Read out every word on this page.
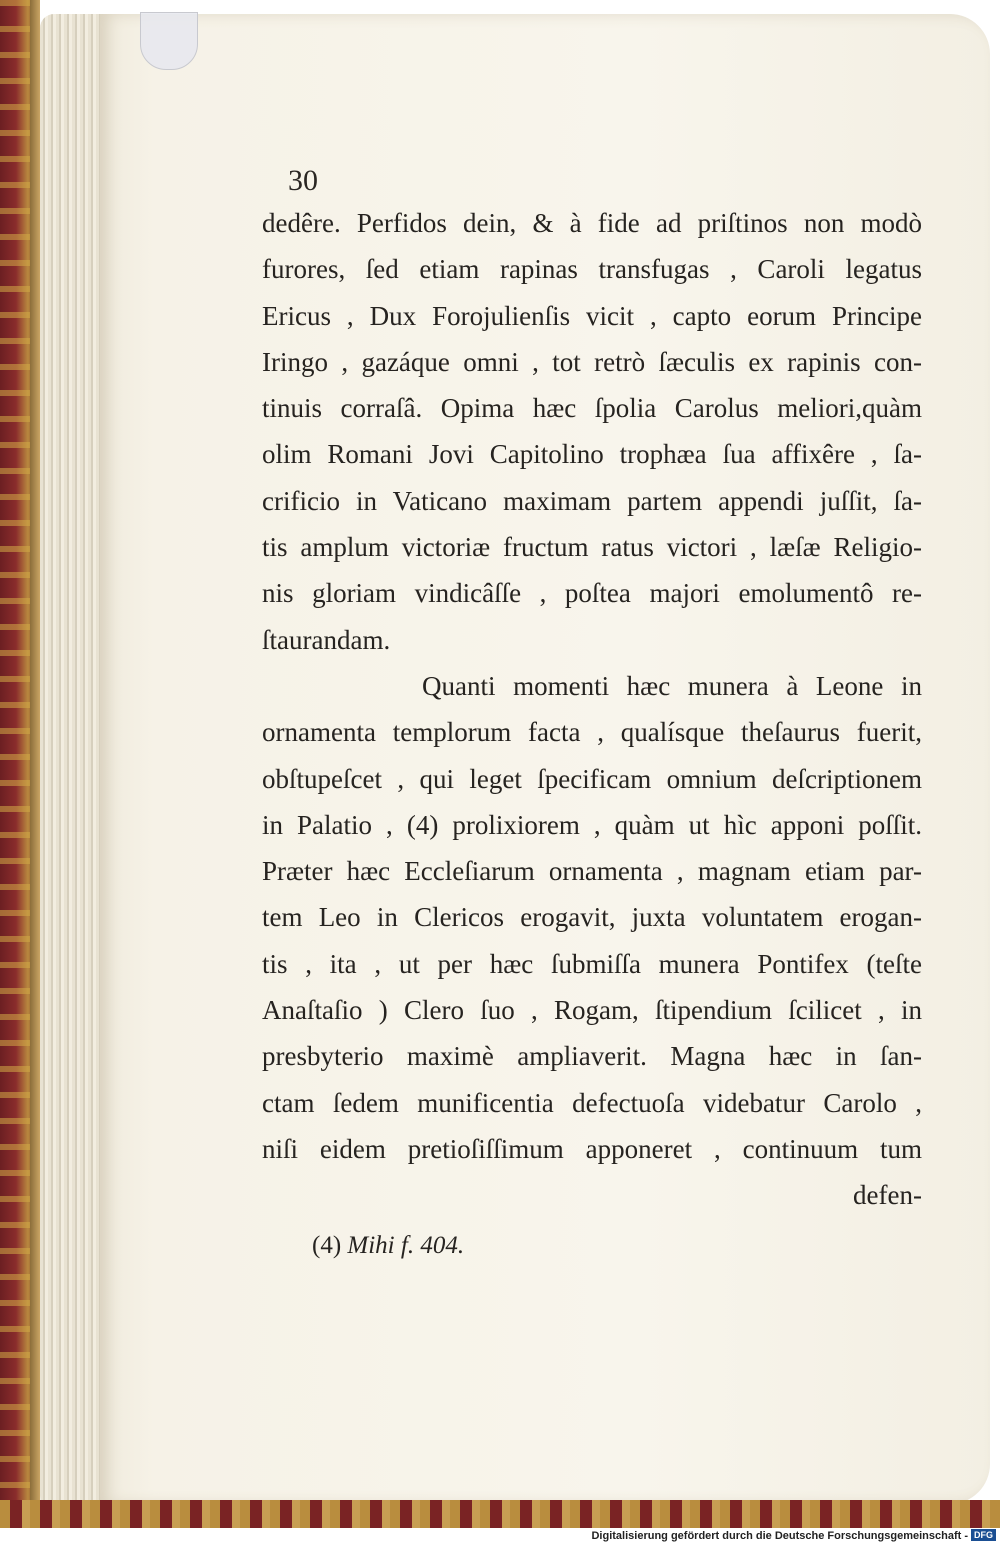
30
dedêre. Perfidos dein, & à fide ad priſtinos non modò
furores, ſed etiam rapinas transfugas , Caroli legatus
Ericus , Dux Forojulienſis vicit , capto eorum Principe
Iringo , gazáque omni , tot retrò ſæculis ex rapinis con-
tinuis corraſâ. Opima hæc ſpolia Carolus meliori,quàm
olim Romani Jovi Capitolino trophæa ſua affixêre , ſa-
crificio in Vaticano maximam partem appendi juſſit, ſa-
tis amplum victoriæ fructum ratus victori , læſæ Religio-
nis gloriam vindicâſſe , poſtea majori emolumentô re-
ſtaurandam.
Quanti momenti hæc munera à Leone in
ornamenta templorum facta , qualísque theſaurus fuerit,
obſtupeſcet , qui leget ſpecificam omnium deſcriptionem
in Palatio , (4) prolixiorem , quàm ut hìc apponi poſſit.
Præter hæc Eccleſiarum ornamenta , magnam etiam par-
tem Leo in Clericos erogavit, juxta voluntatem erogan-
tis , ita , ut per hæc ſubmiſſa munera Pontifex (teſte
Anaſtaſio ) Clero ſuo , Rogam, ſtipendium ſcilicet , in
presbyterio maximè ampliaverit. Magna hæc in ſan-
ctam ſedem munificentia defectuoſa videbatur Carolo ,
niſi eidem pretioſiſſimum apponeret , continuum tum
defen-
(4) Mihi f. 404.
Digitalisierung gefördert durch die Deutsche Forschungsgemeinschaft - DFG
